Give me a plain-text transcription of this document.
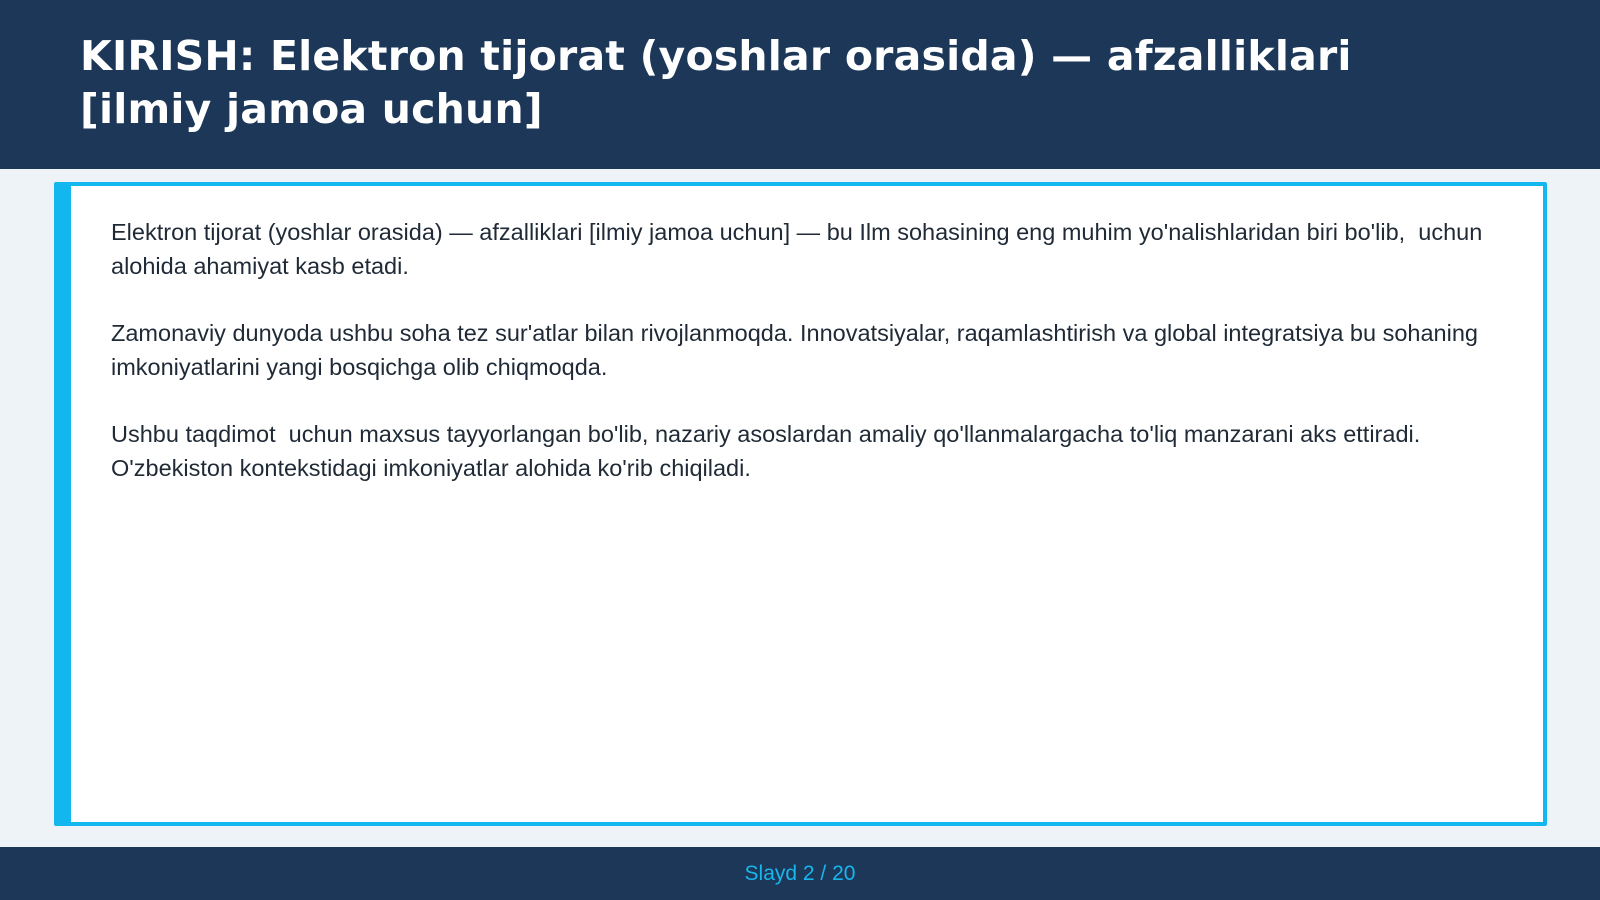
KIRISH: Elektron tijorat (yoshlar orasida) — afzalliklari [ilmiy jamoa uchun]

Elektron tijorat (yoshlar orasida) — afzalliklari [ilmiy jamoa uchun] — bu Ilm sohasining eng muhim yo'nalishlaridan biri bo'lib,  uchun alohida ahamiyat kasb etadi.

Zamonaviy dunyoda ushbu soha tez sur'atlar bilan rivojlanmoqda. Innovatsiyalar, raqamlashtirish va global integratsiya bu sohaning imkoniyatlarini yangi bosqichga olib chiqmoqda.

Ushbu taqdimot  uchun maxsus tayyorlangan bo'lib, nazariy asoslardan amaliy qo'llanmalargacha to'liq manzarani aks ettiradi. O'zbekiston kontekstidagi imkoniyatlar alohida ko'rib chiqiladi.

Slayd 2 / 20
